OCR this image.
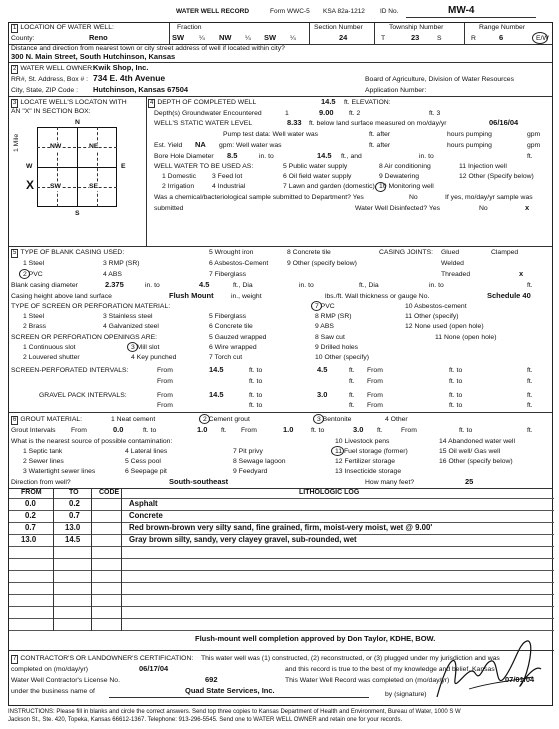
WATER WELL RECORD	Form WWC-5 KSA 82a-1212 ID No.	MW-4
1 LOCATION OF WATER WELL:	Fraction	Section Number	Township Number	Range Number
County:	Reno	SW ¼ NW ¼ SW ¼	24	T	23	S	R	6	E/W
Distance and direction from nearest town or city street address of well if located within city?
300 N. Main Street, South Hutchinson, Kansas
2 WATER WELL OWNER:
Kwik Shop, Inc.
RR#, St. Address, Box # : 734 E. 4th Avenue	Board of Agriculture, Division of Water Resources
City, State, ZIP Code : Hutchinson, Kansas 67504	Application Number:
3 LOCATE WELL'S LOCATON WITH
AN "X" IN SECTION BOX:
NW	NE
SW	SE
X
N
S
W	E
1 Mile
4 DEPTH OF COMPLETED WELL	14.5 ft. ELEVATION:
Depth(s) Groundwater Encountered	1	9.00 ft. 2	ft. 3
WELL'S STATIC WATER LEVEL	8.33 ft. below land surface measured on mo/day/yr	06/16/04
Pump test data: Well water was	ft. after	hours pumping	gpm
Est. Yield NA gpm: Well water was	ft. after	hours pumping	gpm
Bore Hole Diameter 8.5	in. to	14.5 ft., and	in. to	ft.
WELL WATER TO BE USED AS:	5 Public water supply	8 Air conditioning	11 Injection well
1 Domestic 3 Feed lot	6 Oil field water supply	9 Dewatering	12 Other (Specify below)
2 Irrigation	4 Industrial	7 Lawn and garden (domestic) 10 Monitoring well
Was a chemical/bacteriological sample submitted to Department? Yes	No	If yes, mo/day/yr sample was
submitted	Water Well Disinfected? Yes	No	x
5 TYPE OF BLANK CASING USED:	5 Wrought iron	8 Concrete tile	CASING JOINTS: Glued	Clamped
1 Steel	3 RMP (SR)	6 Asbestos-Cement	9 Other (specify below)	Welded
2 PVC	4 ABS	7 Fiberglass	Threaded	x
Blank casing diameter	2.375	in. to	4.5	ft., Dia	in. to	ft., Dia	in. to	ft.
Casing height above land surface	Flush Mount	in., weight	lbs./ft. Wall thickness or gauge No.	Schedule 40
TYPE OF SCREEN OR PERFORATION MATERIAL:	7 PVC	10 Asbestos-cement
1 Steel	3 Stainless steel	5 Fiberglass	8 RMP (SR)	11 Other (specify)
2 Brass	4 Galvanized steel	6 Concrete tile	9 ABS	12 None used (open hole)
SCREEN OR PERFORATION OPENINGS ARE:	5 Gauzed wrapped	8 Saw cut	11 None (open hole)
1 Continuous slot	3 Mill slot	6 Wire wrapped	9 Drilled holes
2 Louvered shutter	4 Key punched	7 Torch cut	10 Other (specify)
SCREEN-PERFORATED INTERVALS:	From	14.5	ft. to	4.5	ft. From	ft. to	ft.
From	ft. to	ft. From	ft. to	ft.
GRAVEL PACK INTERVALS:	From	14.5	ft. to	3.0	ft. From	ft. to	ft.
From	ft. to	ft. From	ft. to	ft.
6 GROUT MATERIAL:	1 Neat cement	2 Cement grout	3 Bentonite	4 Other
Grout Intervals From	0.0	ft. to	1.0 ft. From	1.0	ft. to	3.0 ft.	From	ft. to	ft.
What is the nearest source of possible contamination:	10 Livestock pens	14 Abandoned water well
1 Septic tank	4 Lateral lines	7 Pit privy	11 Fuel storage (former)	15 Oil well/ Gas well
2 Sewer lines	5 Cess pool	8 Sewage lagoon	12 Fertilizer storage	16 Other (specify below)
3 Watertight sewer lines	6 Seepage pit	9 Feedyard	13 Insecticide storage
Direction from well?	South-southeast	How many feet?	25
FROM	TO	CODE	LITHOLOGIC LOG
0.0	0.2	Asphalt
0.2	0.7	Concrete
0.7	13.0	Red brown-brown very silty sand, fine grained, firm, moist-very moist, wet @ 9.00'
13.0	14.5	Gray brown silty, sandy, very clayey gravel, sub-rounded, wet
Flush-mount well completion approved by Don Taylor, KDHE, BOW.
7 CONTRACTOR'S OR LANDOWNER'S CERTIFICATION: This water well was (1) constructed, (2) reconstructed, or (3) plugged under my jurisdiction and was
completed on (mo/day/yr)	06/17/04	and this record is true to the best of my knowledge and belief. Kansas
Water Well Contractor's License No.	692	This Water Well Record was completed on (mo/day/yr)	07/01/04
under the business name of	Quad State Services, Inc.	by (signature)
INSTRUCTIONS: Please fill in blanks and circle the correct answers. Send top three copies to Kansas Department of Health and Environment, Bureau of Water, 1000 S W
Jackson St., Ste. 420, Topeka, Kansas 66612-1367. Telephone: 913-296-5545. Send one to WATER WELL OWNER and retain one for your records.
